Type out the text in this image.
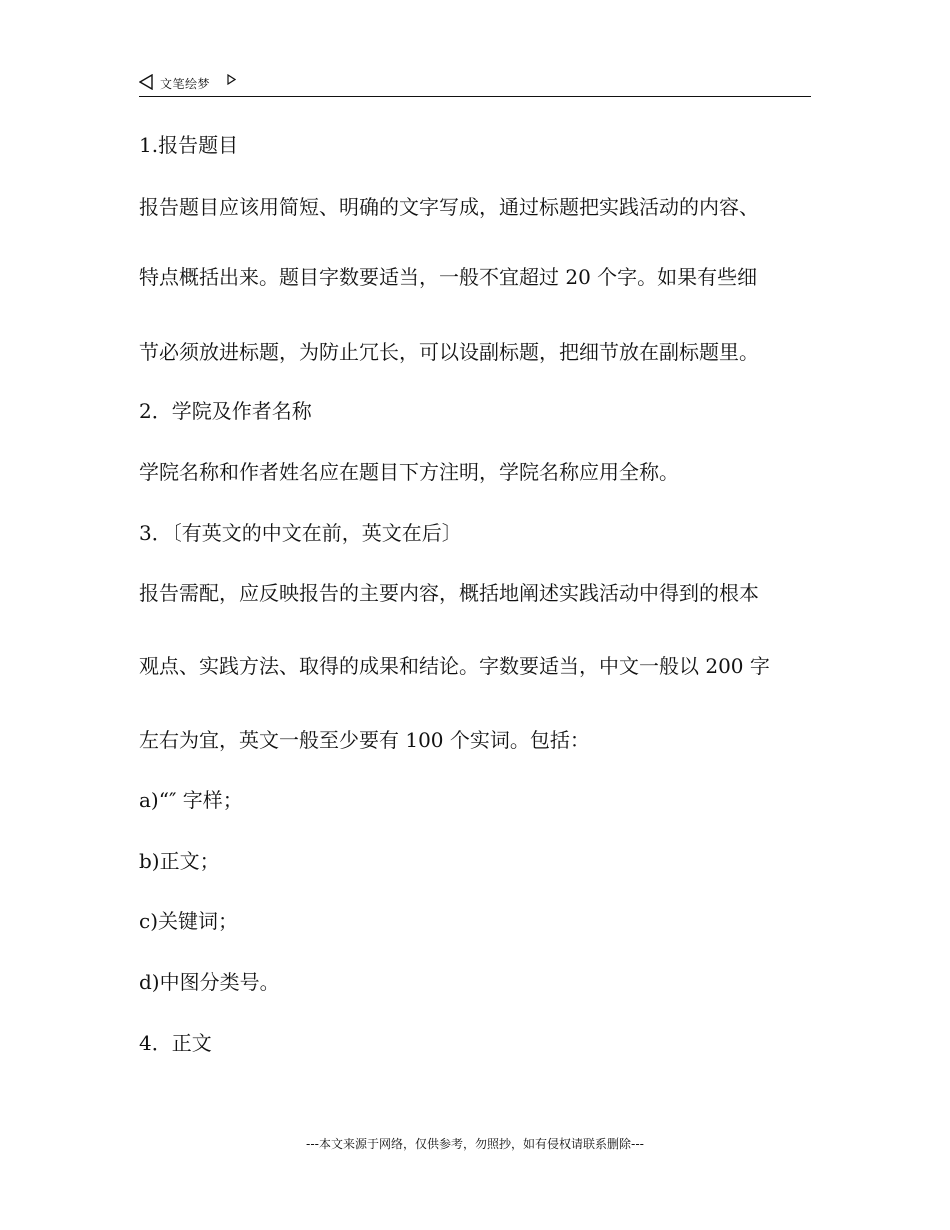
文笔绘梦
1.报告题目
报告题目应该用简短、明确的文字写成，通过标题把实践活动的内容、
特点概括出来。题目字数要适当，一般不宜超过 20 个字。如果有些细
节必须放进标题，为防止冗长，可以设副标题，把细节放在副标题里。
2．学院及作者名称
学院名称和作者姓名应在题目下方注明，学院名称应用全称。
3．〔有英文的中文在前，英文在后〕
报告需配，应反映报告的主要内容，概括地阐述实践活动中得到的根本
观点、实践方法、取得的成果和结论。字数要适当，中文一般以 200 字
左右为宜，英文一般至少要有 100 个实词。包括：
a)“″ 字样；
b)正文；
c)关键词；
d)中图分类号。
4．正文
---本文来源于网络，仅供参考，勿照抄，如有侵权请联系删除---
